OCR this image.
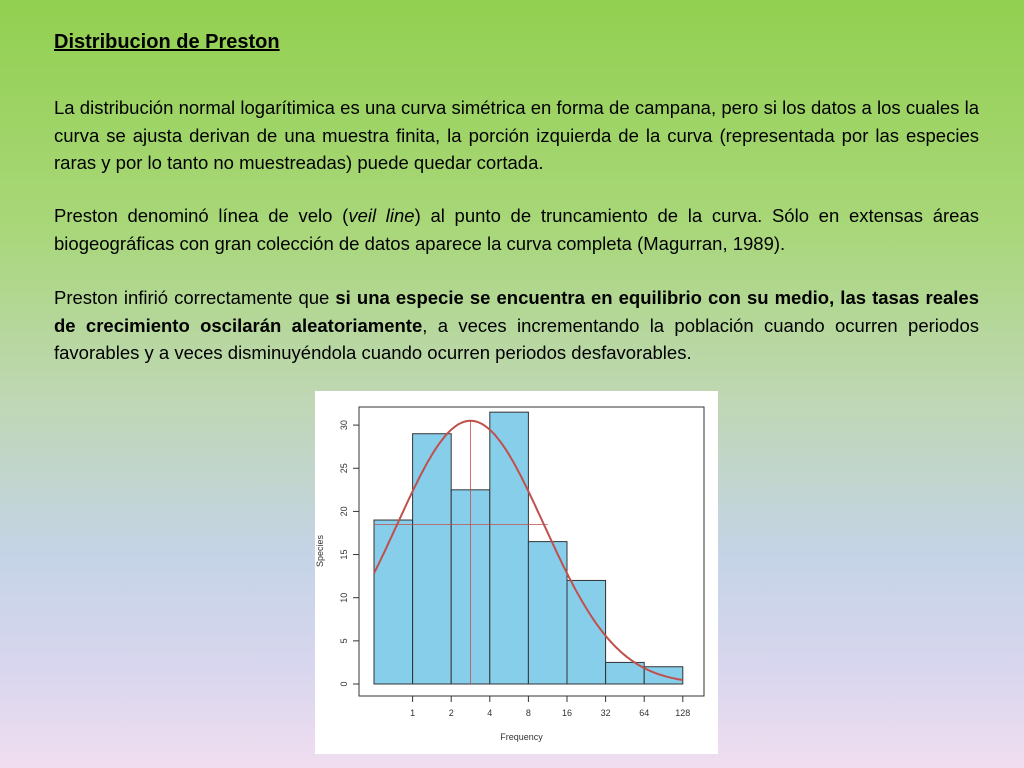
Distribucion de Preston
La distribución normal logarítimica es una curva simétrica en forma de campana, pero si los datos a los cuales la curva se ajusta derivan de una muestra finita, la porción izquierda de la curva (representada por las especies raras y por lo tanto no muestreadas) puede quedar cortada.
Preston denominó línea de velo (veil line) al punto de truncamiento de la curva. Sólo en extensas áreas biogeográficas con gran colección de datos aparece la curva completa (Magurran, 1989).
Preston infirió correctamente que si una especie se encuentra en equilibrio con su medio, las tasas reales de crecimiento oscilarán aleatoriamente, a veces incrementando la población cuando ocurren periodos favorables y a veces disminuyéndola cuando ocurren periodos desfavorables.
1	2	4	8	16	32	64	128
0
5
10
15
20
25
30
Frequency
Species
